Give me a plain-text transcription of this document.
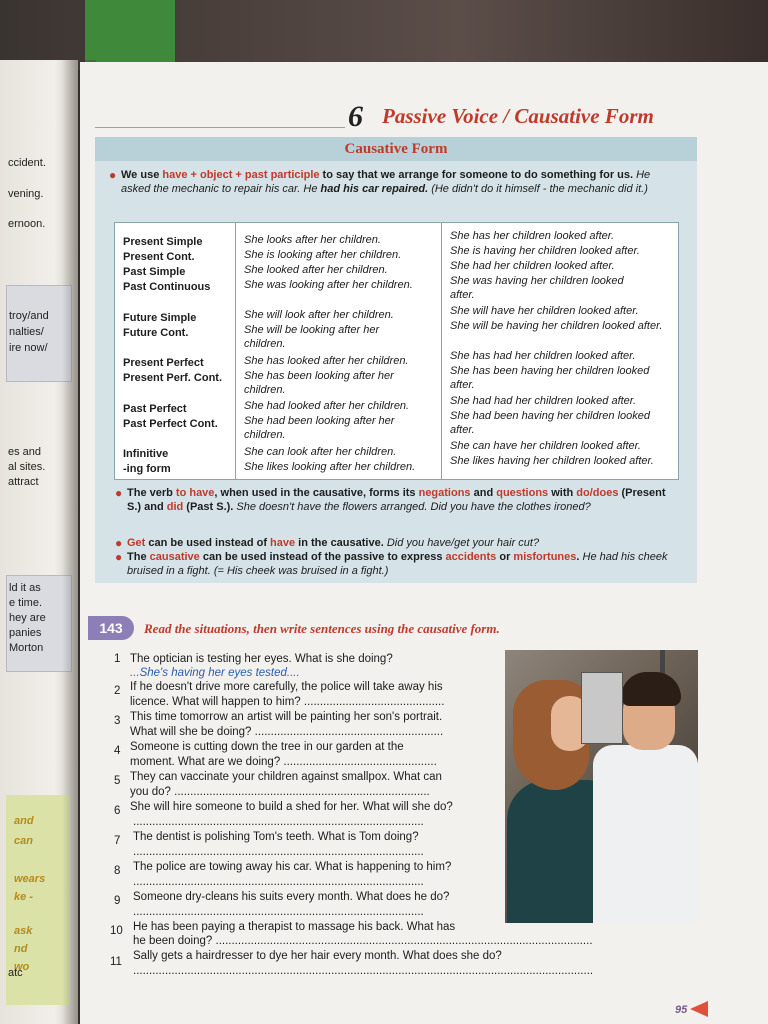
ccident.
vening.
ernoon.
troy/and
nalties/
ire now/
es and
al sites.
attract
ld it as
e time.
hey are
panies
Morton
and
can
wears
ke -
ask
nd
wo
atc
6 Passive Voice / Causative Form
Causative Form
● We use have + object + past participle to say that we arrange for someone to do something for us. He asked the mechanic to repair his car. He had his car repaired. (He didn't do it himself - the mechanic did it.)
Present Simple
Present Cont.
Past Simple
Past Continuous
Future Simple
Future Cont.
Present Perfect
Present Perf. Cont.
Past Perfect
Past Perfect Cont.
Infinitive
-ing form
She looks after her children.
She is looking after her children.
She looked after her children.
She was looking after her children.
She will look after her children.
She will be looking after her children.
She has looked after her children.
She has been looking after her children.
She had looked after her children.
She had been looking after her children.
She can look after her children.
She likes looking after her children.
She has her children looked after.
She is having her children looked after.
She had her children looked after.
She was having her children looked after.
She will have her children looked after.
She will be having her children looked after.
She has had her children looked after.
She has been having her children looked after.
She had had her children looked after.
She had been having her children looked after.
She can have her children looked after.
She likes having her children looked after.
● The verb to have, when used in the causative, forms its negations and questions with do/does (Present S.) and did (Past S.). She doesn't have the flowers arranged. Did you have the clothes ironed?
● Get can be used instead of have in the causative. Did you have/get your hair cut?
● The causative can be used instead of the passive to express accidents or misfortunes. He had his cheek bruised in a fight. (= His cheek was bruised in a fight.)
143	Read the situations, then write sentences using the causative form.
1 The optician is testing her eyes. What is she doing?
...She's having her eyes tested....
2 If he doesn't drive more carefully, the police will take away his
licence. What will happen to him? ............................................
3 This time tomorrow an artist will be painting her son's portrait.
What will she be doing? ...........................................................
4 Someone is cutting down the tree in our garden at the
moment. What are we doing? ................................................
5 They can vaccinate your children against smallpox. What can
you do? ................................................................................
6 She will hire someone to build a shed for her. What will she do?
...........................................................................................
7 The dentist is polishing Tom's teeth. What is Tom doing?
...........................................................................................
8 The police are towing away his car. What is happening to him?
...........................................................................................
9 Someone dry-cleans his suits every month. What does he do?
...........................................................................................
10 He has been paying a therapist to massage his back. What has
he been doing? ......................................................................................................................
11 Sally gets a hairdresser to dye her hair every month. What does she do?
................................................................................................................................................
95
